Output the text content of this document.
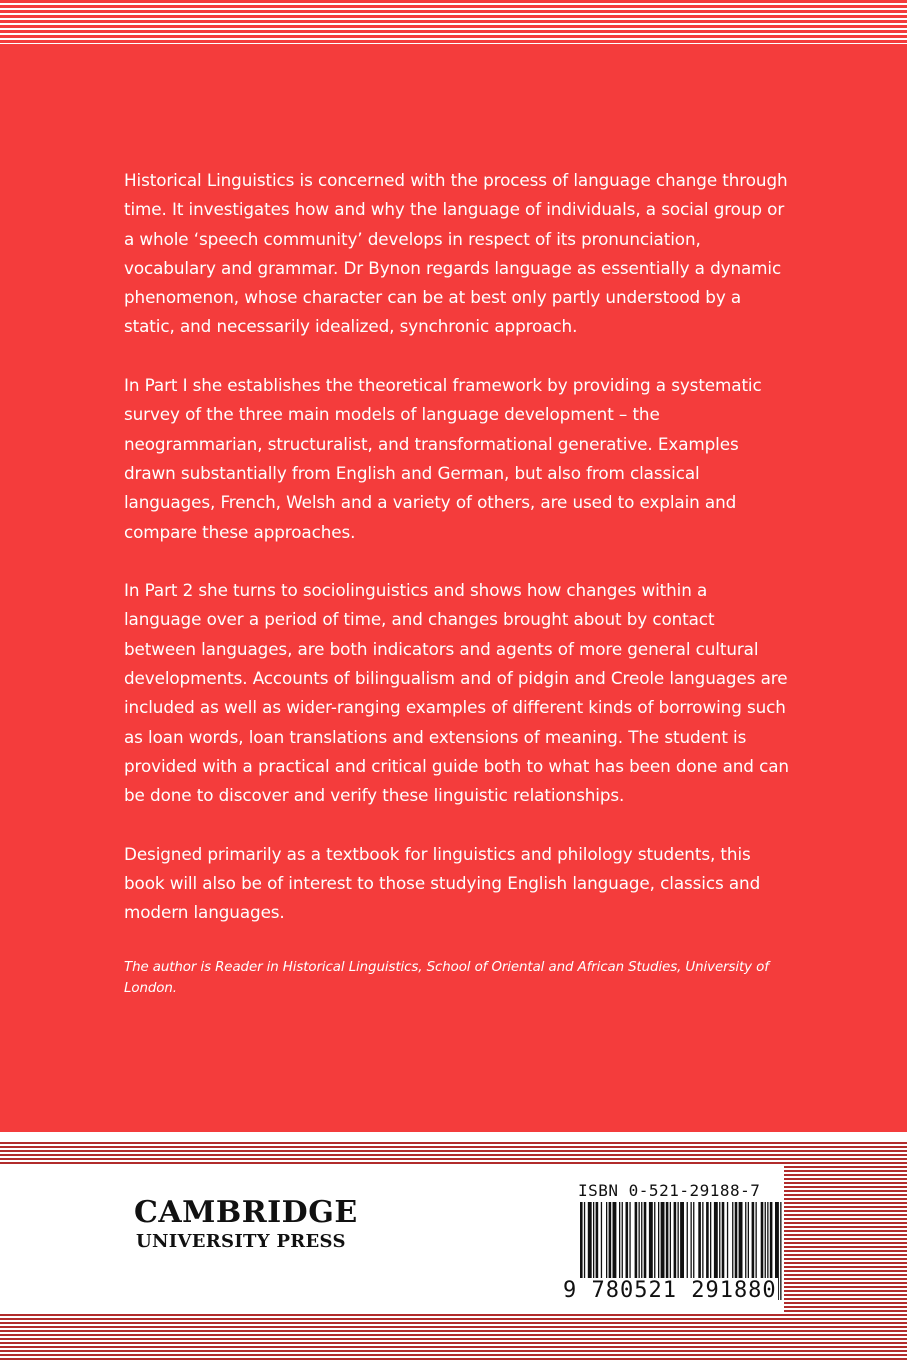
Historical Linguistics is concerned with the process of language change through time. It investigates how and why the language of individuals, a social group or a whole ‘speech community’ develops in respect of its pronunciation, vocabulary and grammar. Dr Bynon regards language as essentially a dynamic phenomenon, whose character can be at best only partly understood by a static, and necessarily idealized, synchronic approach.

In Part I she establishes the theoretical framework by providing a systematic survey of the three main models of language development – the neogrammarian, structuralist, and transformational generative. Examples drawn substantially from English and German, but also from classical languages, French, Welsh and a variety of others, are used to explain and compare these approaches.

In Part 2 she turns to sociolinguistics and shows how changes within a language over a period of time, and changes brought about by contact between languages, are both indicators and agents of more general cultural developments. Accounts of bilingualism and of pidgin and Creole languages are included as well as wider-ranging examples of different kinds of borrowing such as loan words, loan translations and extensions of meaning. The student is provided with a practical and critical guide both to what has been done and can be done to discover and verify these linguistic relationships.

Designed primarily as a textbook for linguistics and philology students, this book will also be of interest to those studying English language, classics and modern languages.

The author is Reader in Historical Linguistics, School of Oriental and African Studies, University of London.

CAMBRIDGE
UNIVERSITY PRESS
ISBN 0-521-29188-7
9 780521 291880
